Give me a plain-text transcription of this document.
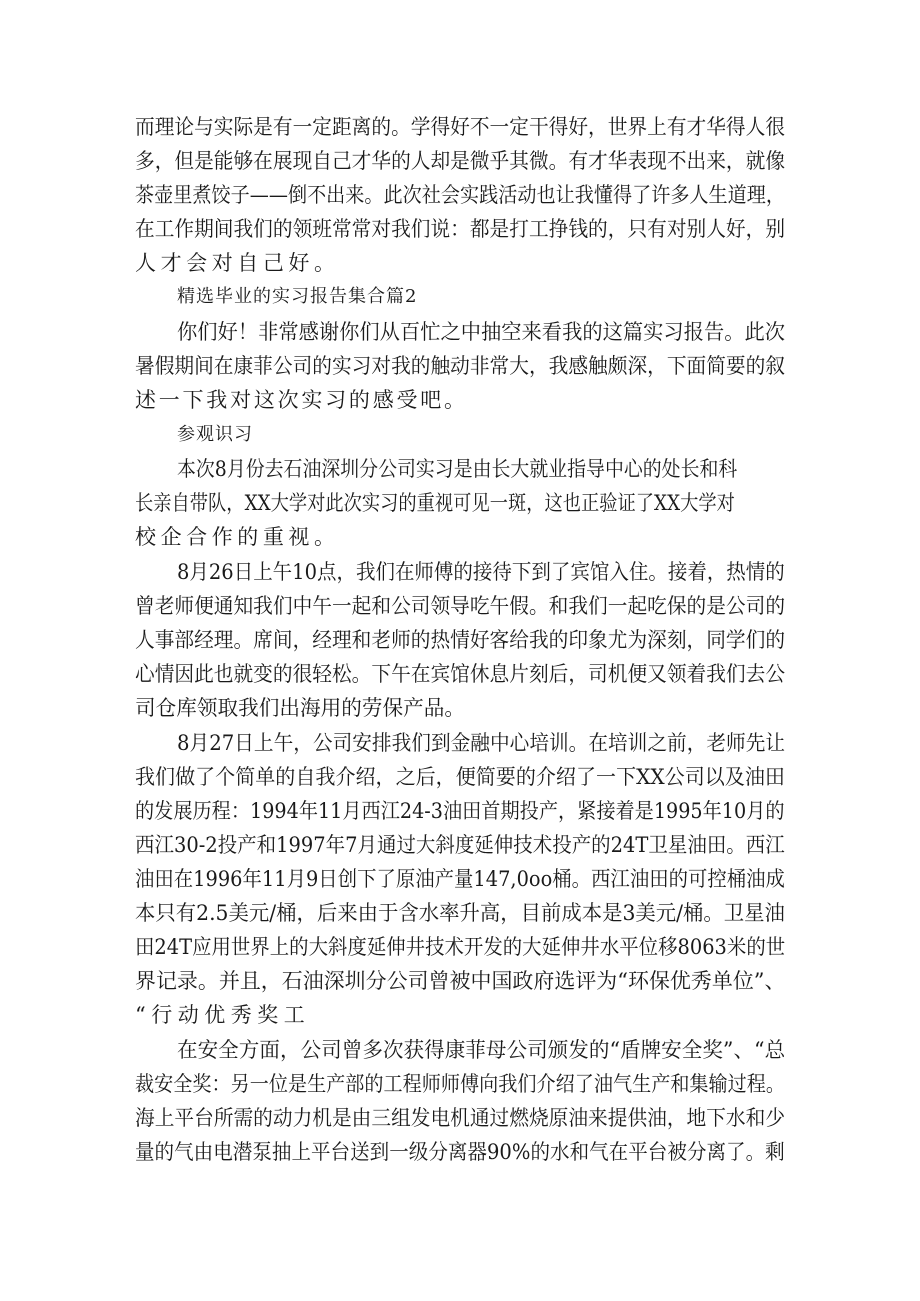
而理论与实际是有一定距离的。学得好不一定干得好，世界上有才华得人很
多，但是能够在展现自己才华的人却是微乎其微。有才华表现不出来，就像
茶壶里煮饺子——倒不出来。此次社会实践活动也让我懂得了许多人生道理，
在工作期间我们的领班常常对我们说：都是打工挣钱的，只有对别人好，别
人才会对自己好。
精选毕业的实习报告集合篇2
你们好！非常感谢你们从百忙之中抽空来看我的这篇实习报告。此次
暑假期间在康菲公司的实习对我的触动非常大，我感触颇深，下面简要的叙
述一下我对这次实习的感受吧。
参观识习
本次8月份去石油深圳分公司实习是由长大就业指导中心的处长和科
长亲自带队，XX大学对此次实习的重视可见一斑，这也正验证了XX大学对
校企合作的重视。
8月26日上午10点，我们在师傅的接待下到了宾馆入住。接着，热情的
曾老师便通知我们中午一起和公司领导吃午假。和我们一起吃保的是公司的
人事部经理。席间，经理和老师的热情好客给我的印象尤为深刻，同学们的
心情因此也就变的很轻松。下午在宾馆休息片刻后，司机便又领着我们去公
司仓库领取我们出海用的劳保产品。
8月27日上午，公司安排我们到金融中心培训。在培训之前，老师先让
我们做了个简单的自我介绍，之后，便简要的介绍了一下XX公司以及油田
的发展历程：1994年11月西江24-3油田首期投产，紧接着是1995年10月的
西江30-2投产和1997年7月通过大斜度延伸技术投产的24T卫星油田。西江
油田在1996年11月9日创下了原油产量147,0oo桶。西江油田的可控桶油成
本只有2.5美元/桶，后来由于含水率升高，目前成本是3美元/桶。卫星油
田24T应用世界上的大斜度延伸井技术开发的大延伸井水平位移8063米的世
界记录。并且，石油深圳分公司曾被中国政府选评为“环保优秀单位”、
“行动优秀奖工
在安全方面，公司曾多次获得康菲母公司颁发的“盾牌安全奖”、“总
裁安全奖：另一位是生产部的工程师师傅向我们介绍了油气生产和集输过程。
海上平台所需的动力机是由三组发电机通过燃烧原油来提供油，地下水和少
量的气由电潜泵抽上平台送到一级分离器90%的水和气在平台被分离了。剩
